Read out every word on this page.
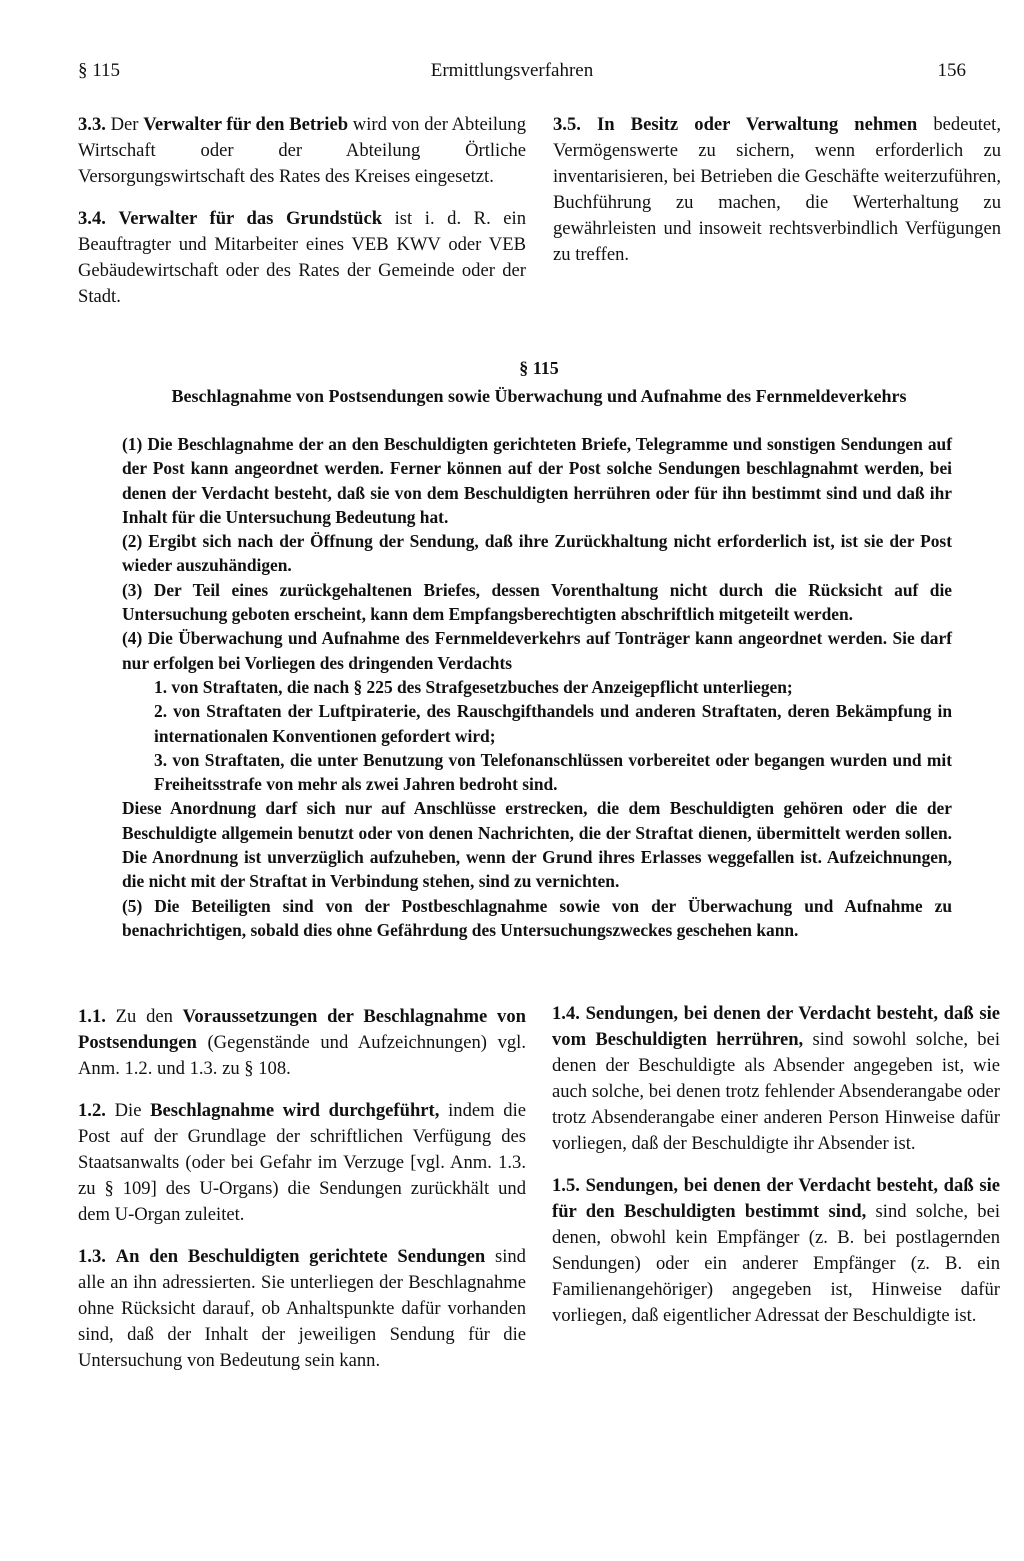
§ 115	Ermittlungsverfahren	156

3.3. Der Verwalter für den Betrieb wird von der Abteilung Wirtschaft oder der Abteilung Örtliche Versorgungswirtschaft des Rates des Kreises eingesetzt.

3.4. Verwalter für das Grundstück ist i. d. R. ein Beauftragter und Mitarbeiter eines VEB KWV oder VEB Gebäudewirtschaft oder des Rates der Gemeinde oder der Stadt.

3.5. In Besitz oder Verwaltung nehmen bedeutet, Vermögenswerte zu sichern, wenn erforderlich zu inventarisieren, bei Betrieben die Geschäfte weiterzuführen, Buchführung zu machen, die Werterhaltung zu gewährleisten und insoweit rechtsverbindlich Verfügungen zu treffen.

§ 115
Beschlagnahme von Postsendungen sowie Überwachung und Aufnahme des Fernmeldeverkehrs
(1) Die Beschlagnahme der an den Beschuldigten gerichteten Briefe, Telegramme und sonstigen Sendungen auf der Post kann angeordnet werden. Ferner können auf der Post solche Sendungen beschlagnahmt werden, bei denen der Verdacht besteht, daß sie von dem Beschuldigten herrühren oder für ihn bestimmt sind und daß ihr Inhalt für die Untersuchung Bedeutung hat.
(2) Ergibt sich nach der Öffnung der Sendung, daß ihre Zurückhaltung nicht erforderlich ist, ist sie der Post wieder auszuhändigen.
(3) Der Teil eines zurückgehaltenen Briefes, dessen Vorenthaltung nicht durch die Rücksicht auf die Untersuchung geboten erscheint, kann dem Empfangsberechtigten abschriftlich mitgeteilt werden.
(4) Die Überwachung und Aufnahme des Fernmeldeverkehrs auf Tonträger kann angeordnet werden. Sie darf nur erfolgen bei Vorliegen des dringenden Verdachts
1. von Straftaten, die nach § 225 des Strafgesetzbuches der Anzeigepflicht unterliegen;
2. von Straftaten der Luftpiraterie, des Rauschgifthandels und anderen Straftaten, deren Bekämpfung in internationalen Konventionen gefordert wird;
3. von Straftaten, die unter Benutzung von Telefonanschlüssen vorbereitet oder begangen wurden und mit Freiheitsstrafe von mehr als zwei Jahren bedroht sind.
Diese Anordnung darf sich nur auf Anschlüsse erstrecken, die dem Beschuldigten gehören oder die der Beschuldigte allgemein benutzt oder von denen Nachrichten, die der Straftat dienen, übermittelt werden sollen. Die Anordnung ist unverzüglich aufzuheben, wenn der Grund ihres Erlasses weggefallen ist. Aufzeichnungen, die nicht mit der Straftat in Verbindung stehen, sind zu vernichten.
(5) Die Beteiligten sind von der Postbeschlagnahme sowie von der Überwachung und Aufnahme zu benachrichtigen, sobald dies ohne Gefährdung des Untersuchungszweckes geschehen kann.

1.1. Zu den Voraussetzungen der Beschlagnahme von Postsendungen (Gegenstände und Aufzeichnungen) vgl. Anm. 1.2. und 1.3. zu § 108.

1.2. Die Beschlagnahme wird durchgeführt, indem die Post auf der Grundlage der schriftlichen Verfügung des Staatsanwalts (oder bei Gefahr im Verzuge [vgl. Anm. 1.3. zu § 109] des U-Organs) die Sendungen zurückhält und dem U-Organ zuleitet.

1.3. An den Beschuldigten gerichtete Sendungen sind alle an ihn adressierten. Sie unterliegen der Beschlagnahme ohne Rücksicht darauf, ob Anhaltspunkte dafür vorhanden sind, daß der Inhalt der jeweiligen Sendung für die Untersuchung von Bedeutung sein kann.

1.4. Sendungen, bei denen der Verdacht besteht, daß sie vom Beschuldigten herrühren, sind sowohl solche, bei denen der Beschuldigte als Absender angegeben ist, wie auch solche, bei denen trotz fehlender Absenderangabe oder trotz Absenderangabe einer anderen Person Hinweise dafür vorliegen, daß der Beschuldigte ihr Absender ist.

1.5. Sendungen, bei denen der Verdacht besteht, daß sie für den Beschuldigten bestimmt sind, sind solche, bei denen, obwohl kein Empfänger (z. B. bei postlagernden Sendungen) oder ein anderer Empfänger (z. B. ein Familienangehöriger) angegeben ist, Hinweise dafür vorliegen, daß eigentlicher Adressat der Beschuldigte ist.
